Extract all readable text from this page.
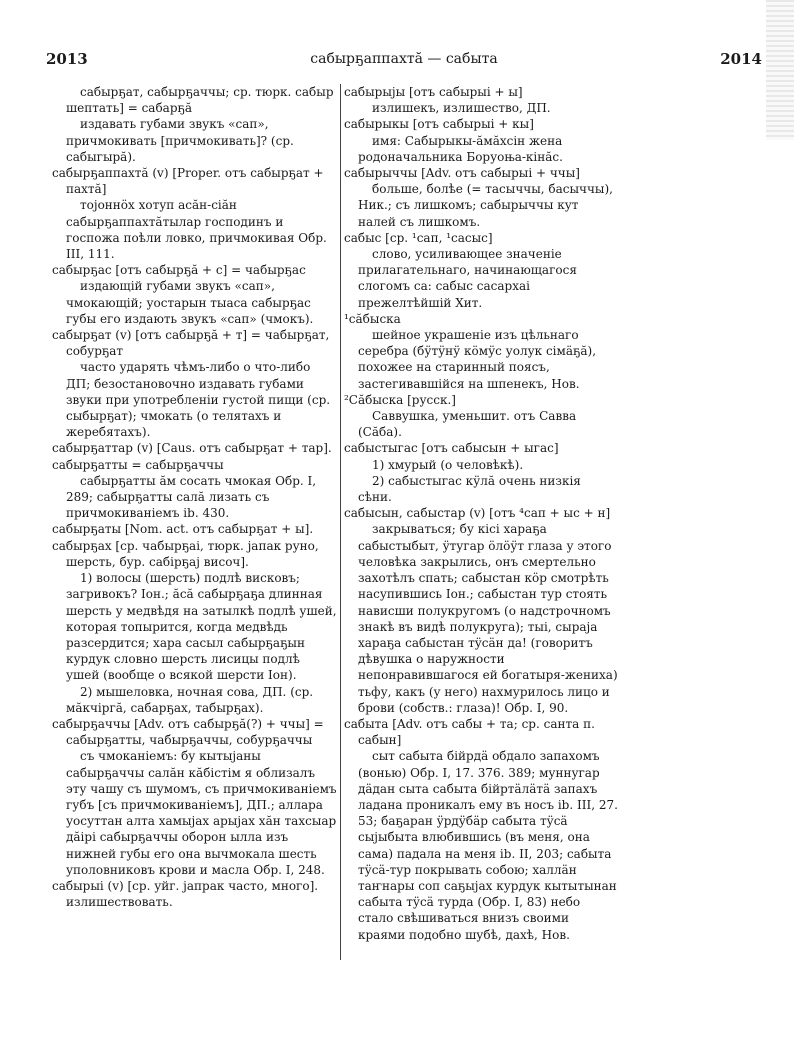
2013	сабырҕаппахтӑ — сабыта	2014

сабырҕат, сабырҕаччы; ср. тюрк. сабыр шептать] = сабарҕӑ

издавать губами звукъ «сап», причмокивать [причмокивать]? (ср. сабыгырӑ).

сабырҕаппахтӑ (v) [Proper. отъ сабырҕат + пахтӑ]

тојоннӧх хотуп асӑн-сіӑн сабырҕаппахтӑтылар господинъ и госпожа поѣли ловко, причмокивая Обр. III, 111.

сабырҕас [отъ сабырҕӑ + с] = чабырҕас

издающій губами звукъ «сап», чмокающій; уостарын тыаса сабырҕас губы его издають звукъ «сап» (чмокъ).

сабырҕат (v) [отъ сабырҕӑ + т] = чабырҕат, собурҕат

часто ударять чѣмъ-либо о что-либо ДП; безостановочно издавать губами звуки при употребленіи густой пищи (ср. сыбырҕат); чмокать (о телятахъ и жеребятахъ).

сабырҕаттар (v) [Caus. отъ сабырҕат + тар].

сабырҕатты = сабырҕаччы

сабырҕатты ӑм сосать чмокая Обр. I, 289; сабырҕатты салӑ лизать съ причмокиваніемъ ib. 430.

сабырҕаты [Nom. act. отъ сабырҕат + ы].

сабырҕах [ср. чабырҕаі, тюрк. јапак руно, шерсть, бур. сабірҕај височ].

1) волосы (шерсть) подлѣ висковъ; загривокъ? Іон.; ӑсӑ сабырҕаҕа длинная шерсть у медвѣдя на затылкѣ подлѣ ушей, которая топырится, когда медвѣдь разсердится; хара сасыл сабырҕаҕын курдук словно шерсть лисицы подлѣ ушей (вообще о всякой шерсти Іон).

2) мышеловка, ночная сова, ДП. (ср. мӑкчіргӑ, сабарҕах, табырҕах).

сабырҕаччы [Adv. отъ сабырҕӑ(?) + ччы] = сабырҕатты, чабырҕаччы, собурҕаччы

съ чмоканіемъ: бу кытыјаны сабырҕаччы салӑн кӑбістім я облизалъ эту чашу съ шумомъ, съ причмокиваніемъ губъ [съ причмокиваніемъ], ДП.; аллара уосуттан алта хамыјах арыјах хӑн тахсыар дӑірі сабырҕаччы оборон ылла изъ нижней губы его она вычмокала шесть уполовниковъ крови и масла Обр. I, 248.

сабырыі (v) [ср. уйг. јапрак часто, много]. излишествовать.

сабырыјы [отъ сабырыі + ы]

излишекъ, излишество, ДП.

сабырыкы [отъ сабырыі + кы]

имя: Сабырыкы-ӑмӑхсін жена родоначальника Боруоња-кінӑс.

сабырыччы [Adv. отъ сабырыі + ччы]

больше, болѣе (= тасыччы, басыччы), Ник.; съ лишкомъ; сабырыччы кут налей съ лишкомъ.

сабыс [ср. ¹сап, ¹сасыс]

слово, усиливающее значеніе прилагательнаго, начинающагося слогомъ са: сабыс сасархаі прежелтѣйшій Хит.

¹сӑбыска

шейное украшеніе изъ цѣльнаго серебра (бӱтӱнӱ кӧмӱс уолук сімӓҕӑ), похожее на старинный поясъ, застегивавшійся на шпенекъ, Нов.

²Сӑбыска [русск.]

Саввушка, уменьшит. отъ Савва (Сӑба).

сабыстыгас [отъ сабысын + ыгас]

1) хмурый (о человѣкѣ).

2) сабыстыгас кӱлӑ очень низкія сѣни.

сабысын, сабыстар (v) [отъ ⁴сап + ыс + н]

закрываться; бу кісі хараҕа сабыстыбыт, ӱтугар ӧлӧӱт глаза у этого человѣка закрылись, онъ смертельно захотѣлъ спать; сабыстан кӧр смотрѣть насупившись Іон.; сабыстан тур стоять нависши полукругомъ (о надстрочномъ знакѣ въ видѣ полукруга); тыі, сырајa хараҕа сабыстан тӱсӓн да! (говоритъ дѣвушка о наружности непонравившагося ей богатыря-жениха) тьфу, какъ (у него) нахмурилось лицо и брови (собств.: глаза)! Обр. I, 90.

сабыта [Adv. отъ сабы + та; ср. санта п. сабын]

сыт сабыта бійрдӓ обдало запахомъ (вонью) Обр. I, 17. 376. 389; муннугар дӓдан сыта сабыта бійртӓлӓтӓ запахъ ладана проникалъ ему въ носъ ib. III, 27. 53; баҕаран ӱрдӱбӓр сабыта тӱсӓ сыјыбыта влюбившись (въ меня, она сама) падала на меня ib. II, 203; сабыта тӱсӓ-тур покрывать собою; халлӓн таҥнары соп саҕыјах курдук кытытынан сабыта тӱсӓ турда (Обр. I, 83) небо стало свѣшиваться внизъ своими краями подобно шубѣ, дахѣ, Нов.
